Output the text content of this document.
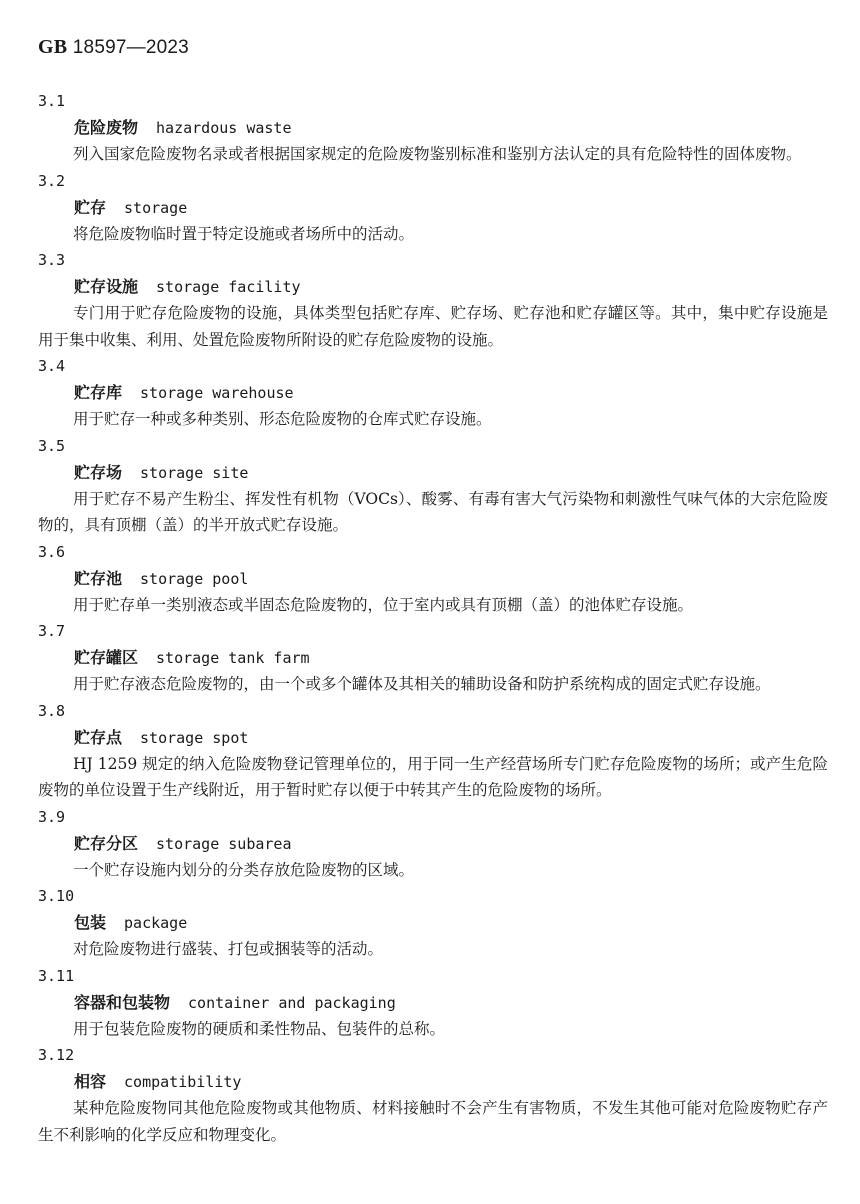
GB 18597—2023
3.1
危险废物 hazardous waste
列入国家危险废物名录或者根据国家规定的危险废物鉴别标准和鉴别方法认定的具有危险特性的固体废物。
3.2
贮存 storage
将危险废物临时置于特定设施或者场所中的活动。
3.3
贮存设施 storage facility
专门用于贮存危险废物的设施，具体类型包括贮存库、贮存场、贮存池和贮存罐区等。其中，集中贮存设施是用于集中收集、利用、处置危险废物所附设的贮存危险废物的设施。
3.4
贮存库 storage warehouse
用于贮存一种或多种类别、形态危险废物的仓库式贮存设施。
3.5
贮存场 storage site
用于贮存不易产生粉尘、挥发性有机物（VOCs）、酸雾、有毒有害大气污染物和刺激性气味气体的大宗危险废物的，具有顶棚（盖）的半开放式贮存设施。
3.6
贮存池 storage pool
用于贮存单一类别液态或半固态危险废物的，位于室内或具有顶棚（盖）的池体贮存设施。
3.7
贮存罐区 storage tank farm
用于贮存液态危险废物的，由一个或多个罐体及其相关的辅助设备和防护系统构成的固定式贮存设施。
3.8
贮存点 storage spot
HJ 1259 规定的纳入危险废物登记管理单位的，用于同一生产经营场所专门贮存危险废物的场所；或产生危险废物的单位设置于生产线附近，用于暂时贮存以便于中转其产生的危险废物的场所。
3.9
贮存分区 storage subarea
一个贮存设施内划分的分类存放危险废物的区域。
3.10
包装 package
对危险废物进行盛装、打包或捆装等的活动。
3.11
容器和包装物 container and packaging
用于包装危险废物的硬质和柔性物品、包装件的总称。
3.12
相容 compatibility
某种危险废物同其他危险废物或其他物质、材料接触时不会产生有害物质，不发生其他可能对危险废物贮存产生不利影响的化学反应和物理变化。
